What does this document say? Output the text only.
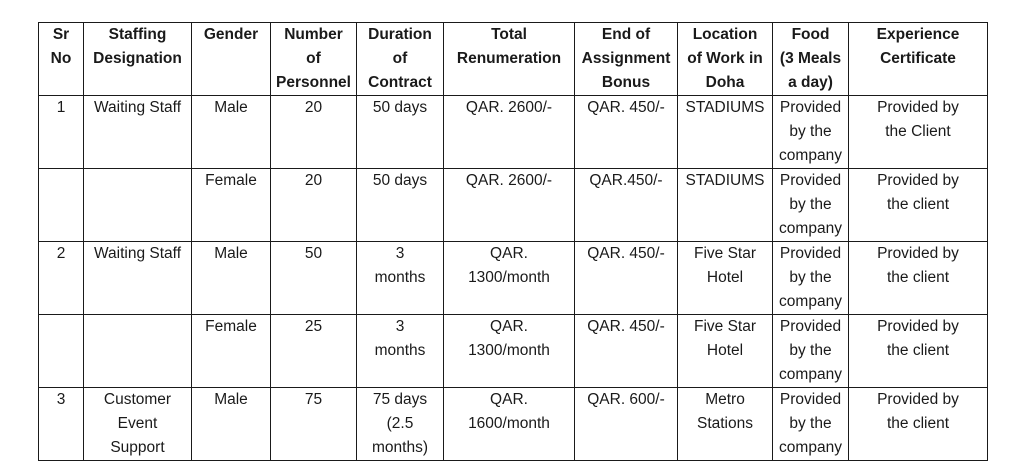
Sr
No	Staffing
Designation	Gender	Number
of
Personnel	Duration
of
Contract	Total
Renumeration	End of
Assignment
Bonus	Location
of Work in
Doha	Food
(3 Meals
a day)	Experience
Certificate

1	Waiting Staff	Male	20	50 days	QAR. 2600/-	QAR. 450/-	STADIUMS	Provided
by the
company	Provided by
the Client

		Female	20	50 days	QAR. 2600/-	QAR.450/-	STADIUMS	Provided
by the
company	Provided by
the client

2	Waiting Staff	Male	50	3
months	QAR.
1300/month	QAR. 450/-	Five Star
Hotel	Provided
by the
company	Provided by
the client

		Female	25	3
months	QAR.
1300/month	QAR. 450/-	Five Star
Hotel	Provided
by the
company	Provided by
the client

3	Customer
Event
Support	Male	75	75 days
(2.5
months)	QAR.
1600/month	QAR. 600/-	Metro
Stations	Provided
by the
company	Provided by
the client
